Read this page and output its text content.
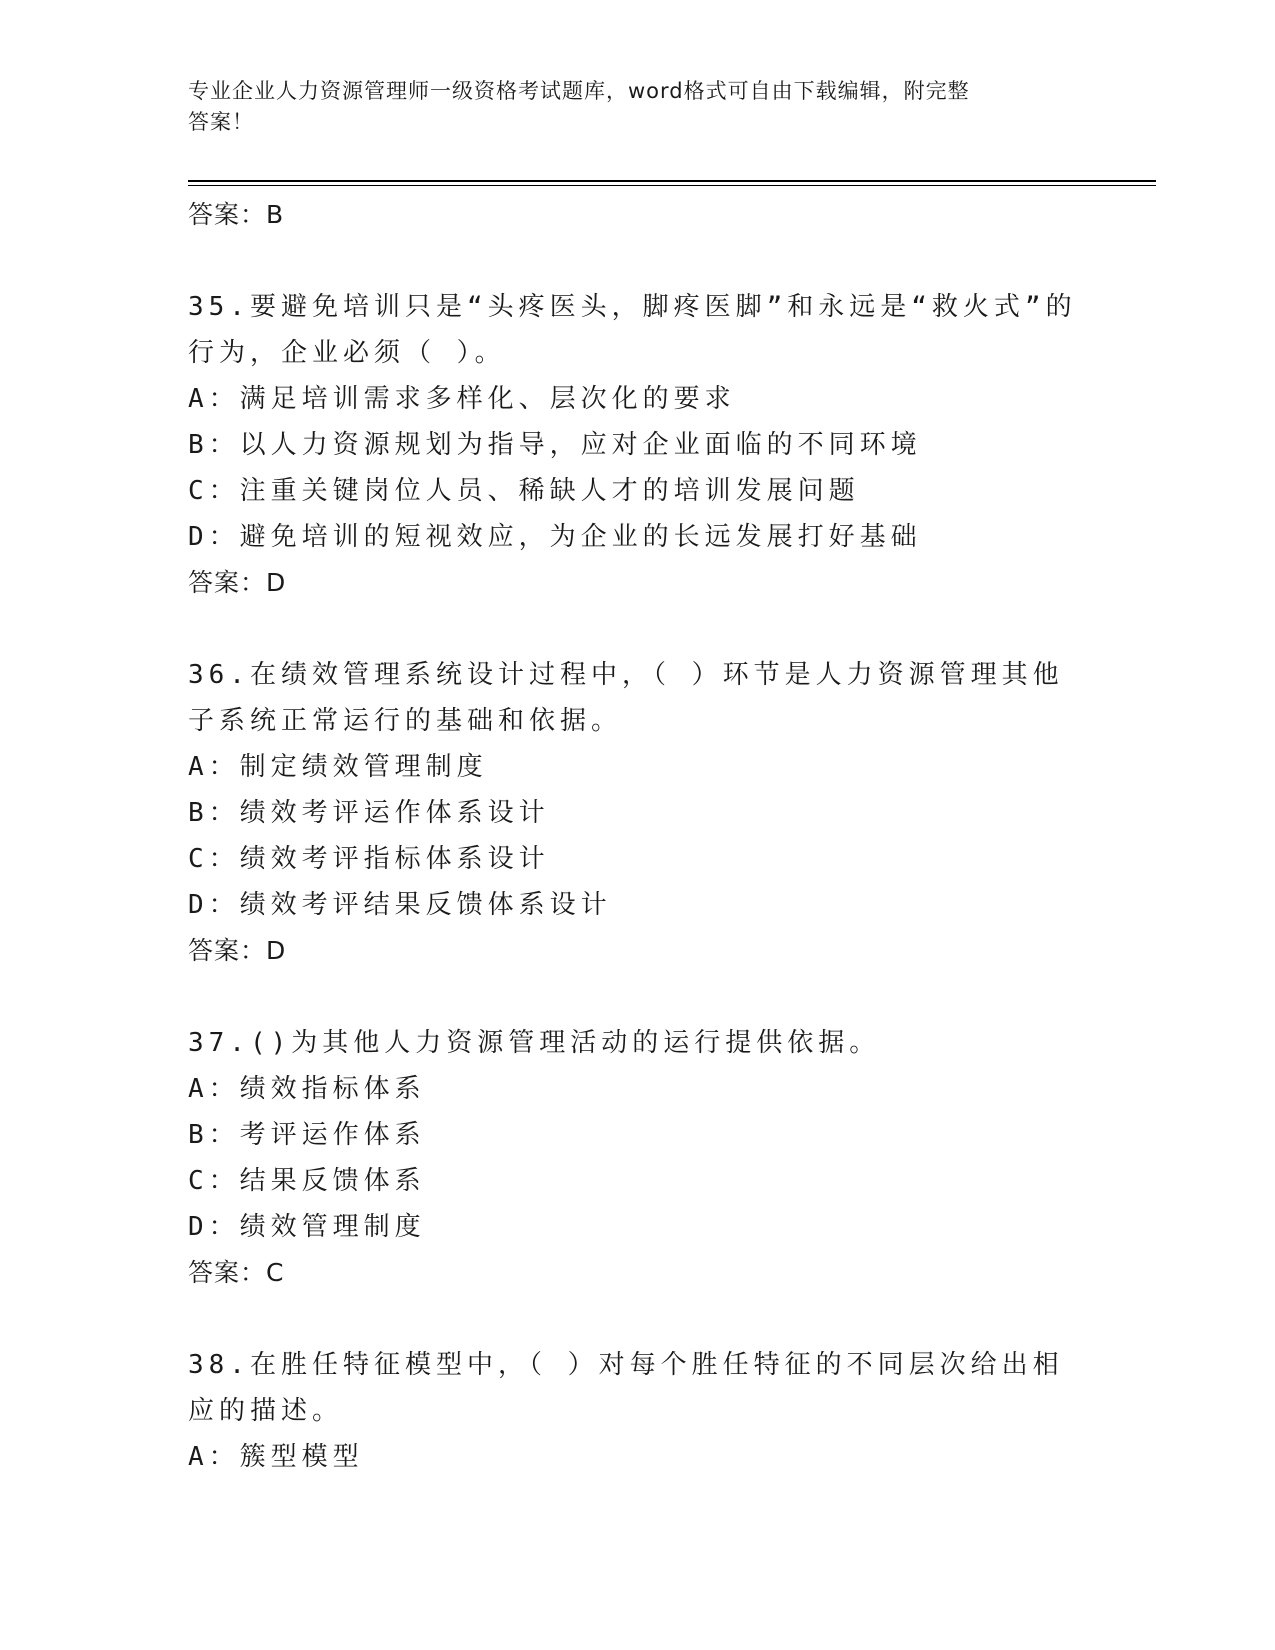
专业企业人力资源管理师一级资格考试题库，word格式可自由下载编辑，附完整
答案！
答案：B
35.要避免培训只是“头疼医头，脚疼医脚”和永远是“救火式”的行为，企业必须（ ）。
A：满足培训需求多样化、层次化的要求
B：以人力资源规划为指导，应对企业面临的不同环境
C：注重关键岗位人员、稀缺人才的培训发展问题
D：避免培训的短视效应，为企业的长远发展打好基础
答案：D
36.在绩效管理系统设计过程中，（ ）环节是人力资源管理其他子系统正常运行的基础和依据。
A：制定绩效管理制度
B：绩效考评运作体系设计
C：绩效考评指标体系设计
D：绩效考评结果反馈体系设计
答案：D
37.()为其他人力资源管理活动的运行提供依据。
A：绩效指标体系
B：考评运作体系
C：结果反馈体系
D：绩效管理制度
答案：C
38.在胜任特征模型中，（ ）对每个胜任特征的不同层次给出相应的描述。
A：簇型模型
